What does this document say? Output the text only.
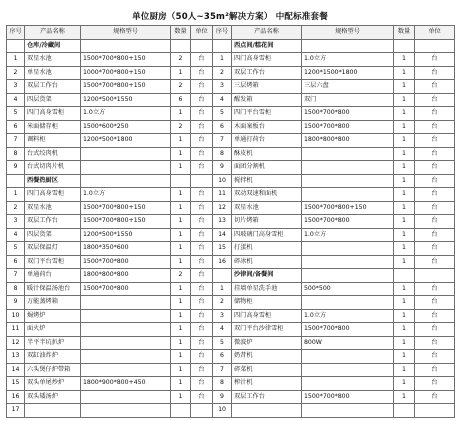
单位厨房（50人~35m²解决方案） 中配标准套餐
序号	产品名称	规格型号	数量	单位	序号	产品名称	规格型号	数量	单位
	仓库/冷藏间					西点间/糕花间			
1	双星水池	1500*700*800+150	2	台	1	四门高身雪柜	1.0立方	1	台
2	单星水池	1000*700*800+150	1	台	2	双层工作台	1200*1500*1800	1	台
3	双层工作台	1500*700*800+150	2	台	3	三层烤箱	三层六盘	1	台
4	四层货架	1200*500*1550	6	台	4	醒发箱	双门	1	台
5	四门高身雪柜	1.0立方	1	台	5	四门平台雪柜	1500*700*800	1	台
6	米面储存柜	1500*600*250	2	台	6	木面案板台	1500*700*800	1	台
7	调料柜	1200*500*1800	1	台	7	单通打荷台	1800*800*800	1	台
8	台式绞肉机		1	台	8	酥皮机		1	台
9	台式切肉片机		1	台	9	面团分割机		1	台
	西餐热厨区				10	搅拌机		1	台
1	四门高身雪柜	1.0立方	1	台	11	双动双速和面机		1	台
2	双星水池	1500*700*800+150	1	台	12	双星水池	1500*700*800+150	1	台
3	双层工作台	1500*700*800+150	1	台	13	切片烤箱	1500*700*800	1	台
4	四层货架	1200*500*1550	1	台	14	四玻璃门高身雪柜	1.0立方	1	台
5	双层保温灯	1800*350*600	1	台	15	打蛋机		1	台
6	双门平台雪柜	1500*700*800	1	台	16	碎冰机		1	台
7	单通荷台	1800*800*800	2	台		沙律间/备餐间			
8	暖汁保温汤池台	1500*700*800	1	台	1	挂墙单星洗手池	500*500	1	台
9	万能蒸烤箱		1	台	2	储物柜		1	台
10	焗烤炉		1	台	3	四门高身雪柜	1.0立方	1	台
11	面火炉		1	台	4	双门平台沙律雪柜	1500*700*800	1	台
12	半平半坑扒炉		1	台	5	微波炉	800W	1	台
13	双缸油炸炉		1	台	6	奶昔机		1	台
14	六头煲仔炉带箱		1	台	7	碎菜机		1	台
15	双头单尾炒炉	1800*900*800+450	1	台	8	榨汁机		1	台
16	双头矮汤炉		1	台	9	双层工作台	1500*700*800	1	台
17					10				
